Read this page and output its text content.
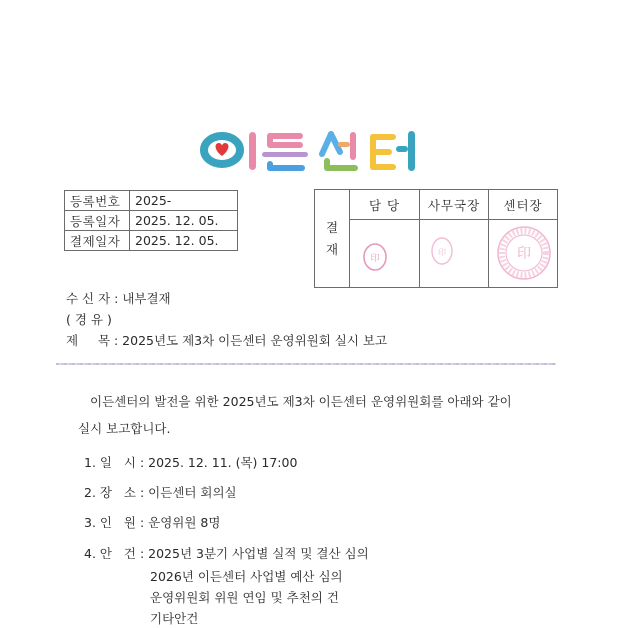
등록번호	2025-
등록일자	2025. 12. 05.
결제일자	2025. 12. 05.
결
재	담 당	사무국장	센터장

印	印	印
수 신 자 : 내부결재
( 경 유 )
제     목 : 2025년도 제3차 이든센터 운영위원회 실시 보고
이든센터의 발전을 위한 2025년도 제3차 이든센터 운영위원회를 아래와 같이
실시 보고합니다.
1. 일   시 : 2025. 12. 11. (목) 17:00
2. 장   소 : 이든센터 회의실
3. 인   원 : 운영위원 8명
4. 안   건 : 2025년 3분기 사업별 실적 및 결산 심의
2026년 이든센터 사업별 예산 심의
운영위원회 위원 연임 및 추천의 건
기타안건
